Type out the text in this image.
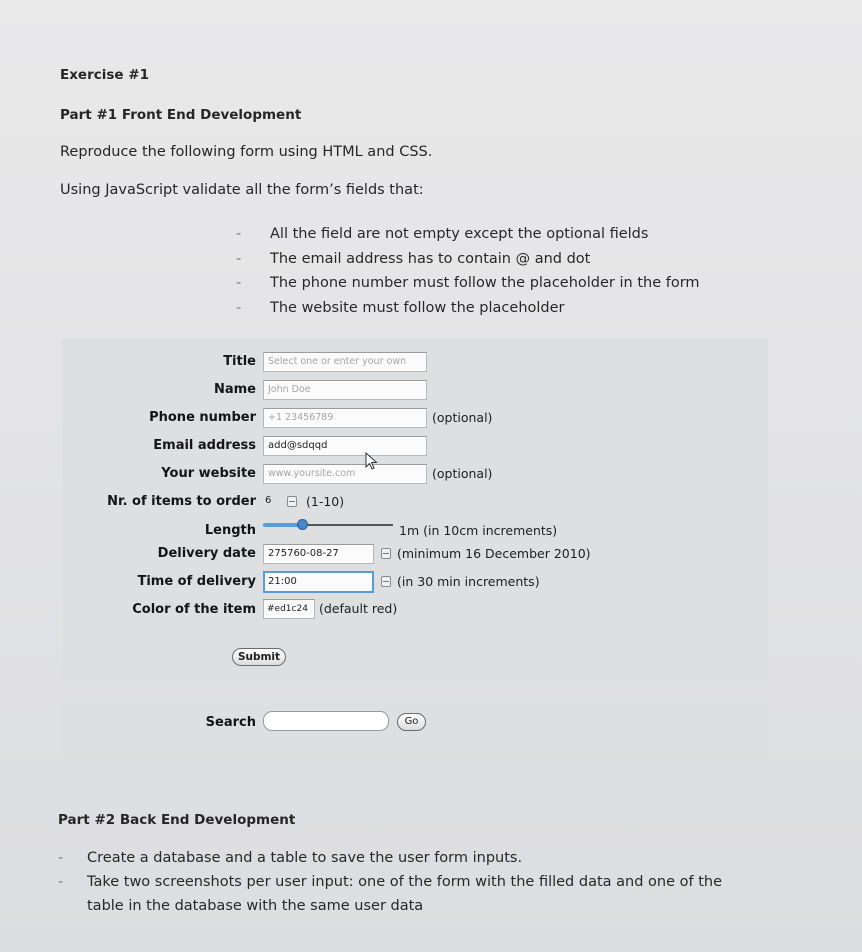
Exercise #1
Part #1 Front End Development
Reproduce the following form using HTML and CSS.
Using JavaScript validate all the form’s fields that:
-	All the field are not empty except the optional fields
-	The email address has to contain @ and dot
-	The phone number must follow the placeholder in the form
-	The website must follow the placeholder
Title	Select one or enter your own
Name	John Doe
Phone number	+1 23456789	(optional)
Email address	add@sdqqd
Your website	www.yoursite.com	(optional)
Nr. of items to order 6	(1-10)
Length	1m (in 10cm increments)
Delivery date	275760-08-27	(minimum 16 December 2010)
Time of delivery	21:00	(in 30 min increments)
Color of the item	#ed1c24 (default red)
Submit
Search	Go
Part #2 Back End Development
-	Create a database and a table to save the user form inputs.
-	Take two screenshots per user input: one of the form with the filled data and one of the table in the database with the same user data
